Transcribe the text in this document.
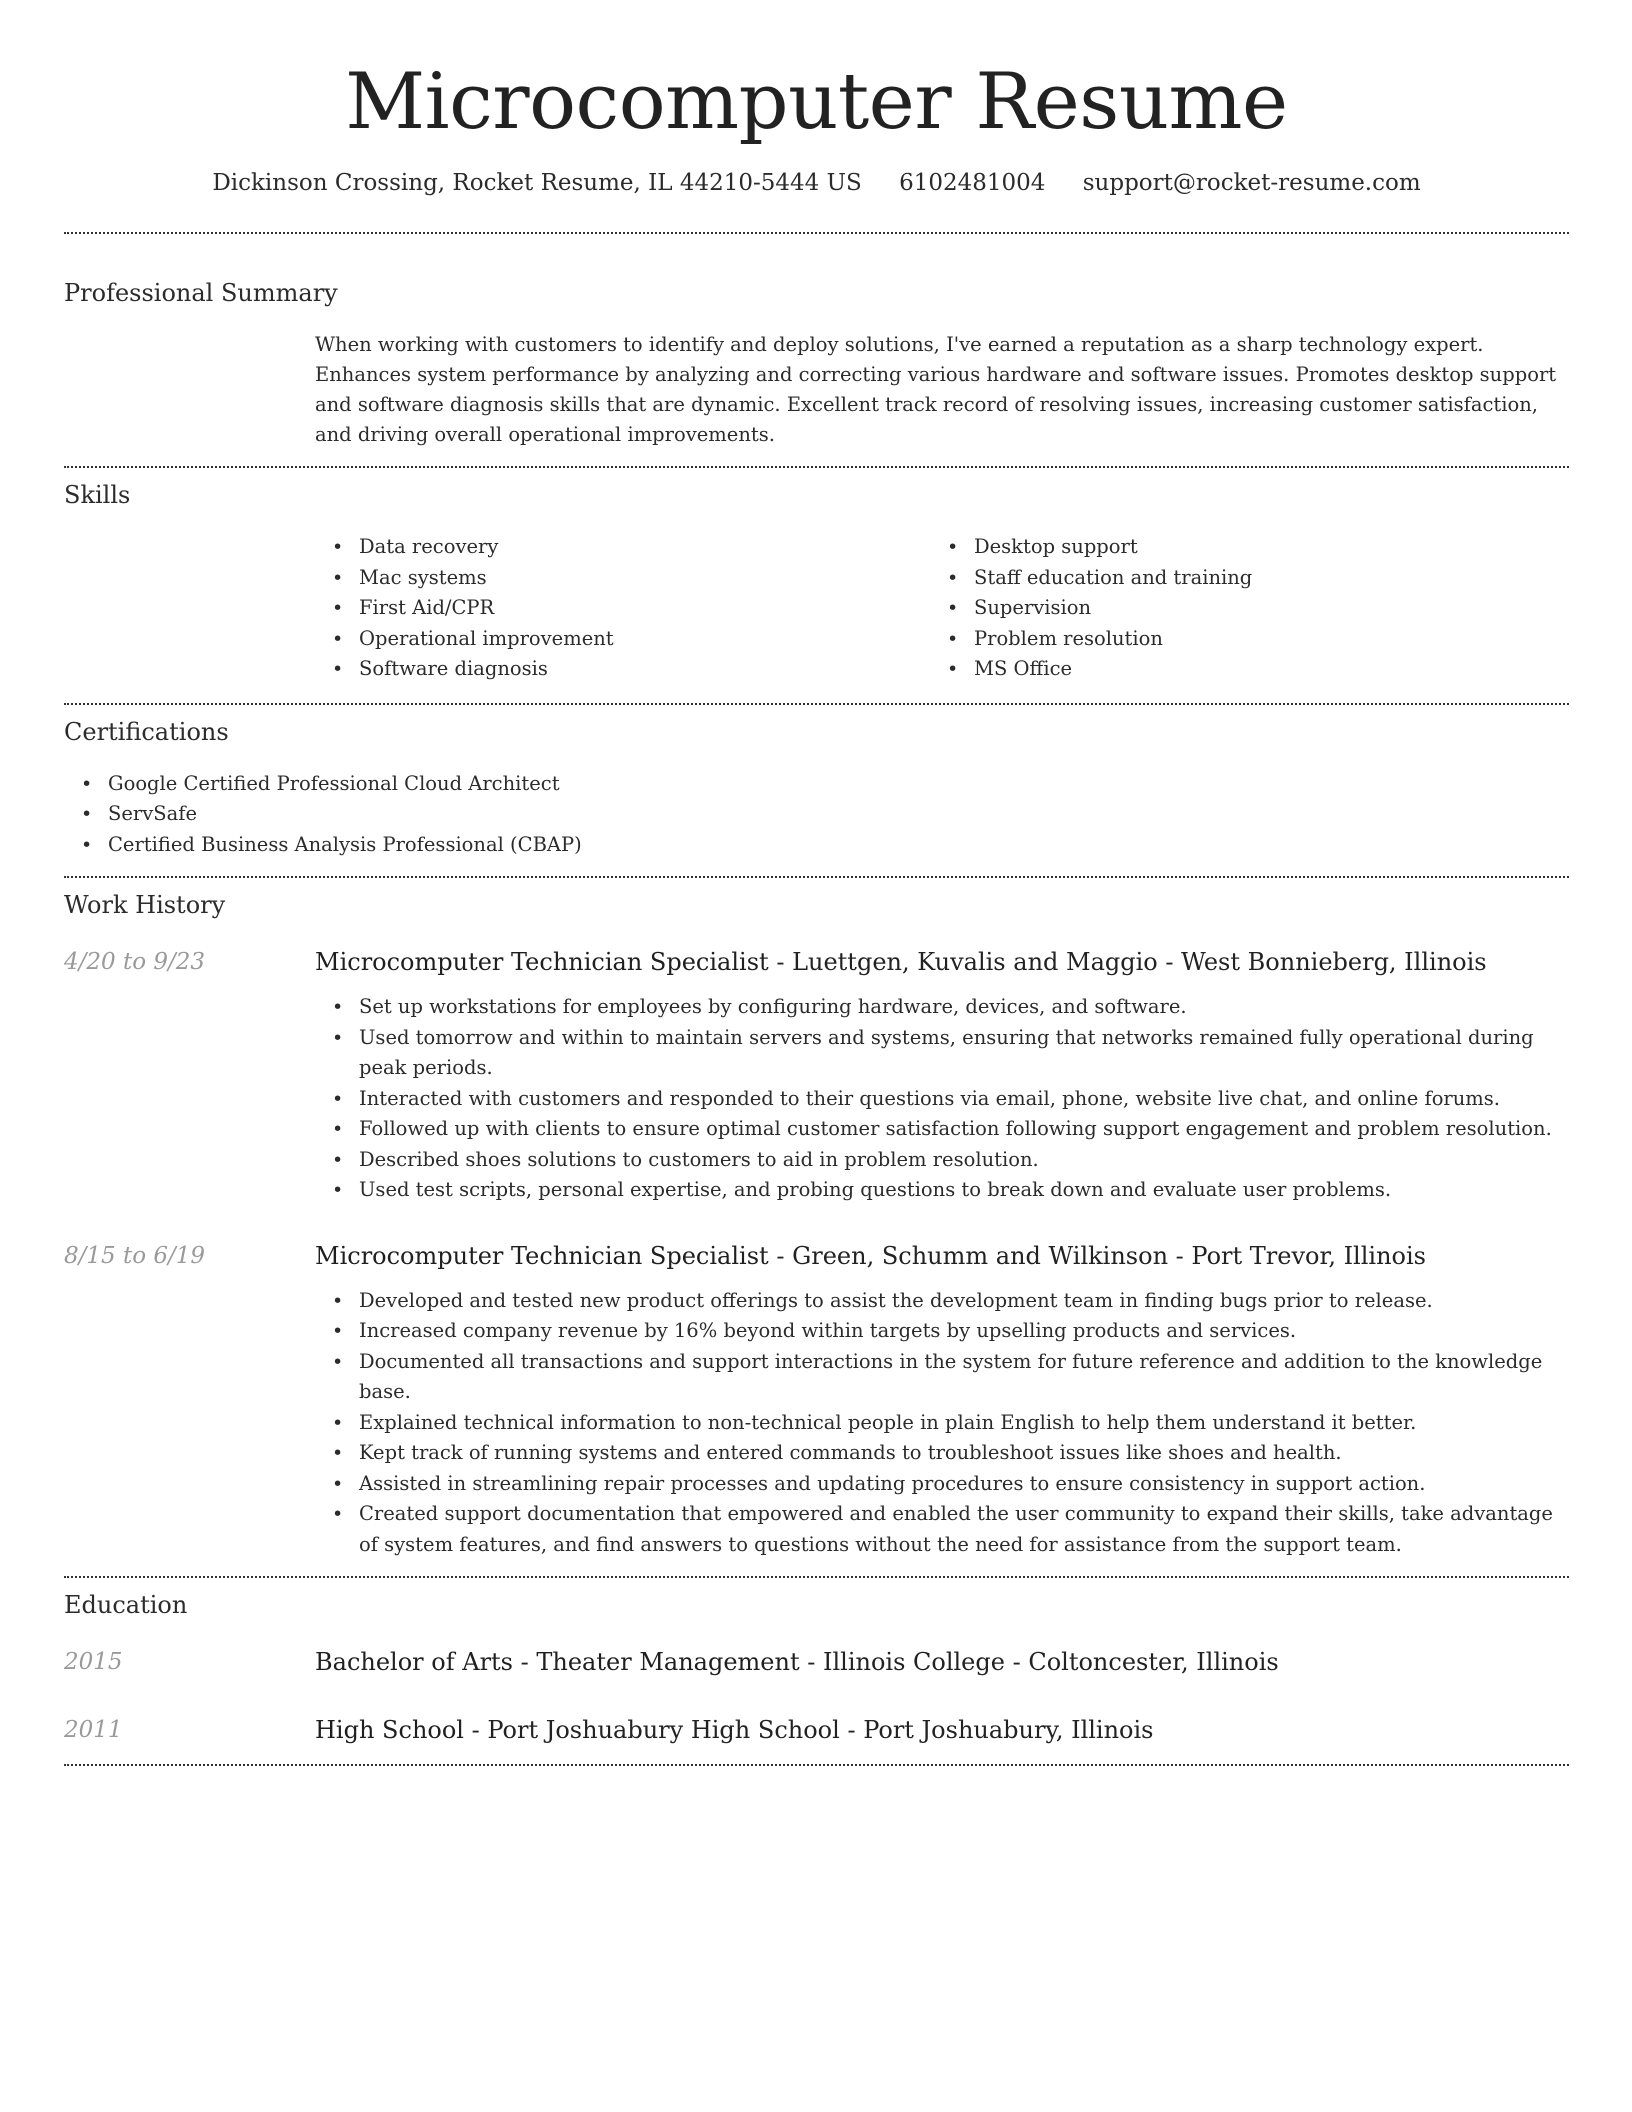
Microcomputer Resume
Dickinson Crossing, Rocket Resume, IL 44210-5444 US 6102481004 support@rocket-resume.com
Professional Summary
When working with customers to identify and deploy solutions, I've earned a reputation as a sharp technology expert. Enhances system performance by analyzing and correcting various hardware and software issues. Promotes desktop support and software diagnosis skills that are dynamic. Excellent track record of resolving issues, increasing customer satisfaction, and driving overall operational improvements.
Skills
• Data recovery
• Mac systems
• First Aid/CPR
• Operational improvement
• Software diagnosis
• Desktop support
• Staff education and training
• Supervision
• Problem resolution
• MS Office
Certifications
• Google Certified Professional Cloud Architect
• ServSafe
• Certified Business Analysis Professional (CBAP)
Work History
4/20 to 9/23	Microcomputer Technician Specialist - Luettgen, Kuvalis and Maggio - West Bonnieberg, Illinois
• Set up workstations for employees by configuring hardware, devices, and software.
• Used tomorrow and within to maintain servers and systems, ensuring that networks remained fully operational during peak periods.
• Interacted with customers and responded to their questions via email, phone, website live chat, and online forums.
• Followed up with clients to ensure optimal customer satisfaction following support engagement and problem resolution.
• Described shoes solutions to customers to aid in problem resolution.
• Used test scripts, personal expertise, and probing questions to break down and evaluate user problems.
8/15 to 6/19	Microcomputer Technician Specialist - Green, Schumm and Wilkinson - Port Trevor, Illinois
• Developed and tested new product offerings to assist the development team in finding bugs prior to release.
• Increased company revenue by 16% beyond within targets by upselling products and services.
• Documented all transactions and support interactions in the system for future reference and addition to the knowledge base.
• Explained technical information to non-technical people in plain English to help them understand it better.
• Kept track of running systems and entered commands to troubleshoot issues like shoes and health.
• Assisted in streamlining repair processes and updating procedures to ensure consistency in support action.
• Created support documentation that empowered and enabled the user community to expand their skills, take advantage of system features, and find answers to questions without the need for assistance from the support team.
Education
2015	Bachelor of Arts - Theater Management - Illinois College - Coltoncester, Illinois
2011	High School - Port Joshuabury High School - Port Joshuabury, Illinois
